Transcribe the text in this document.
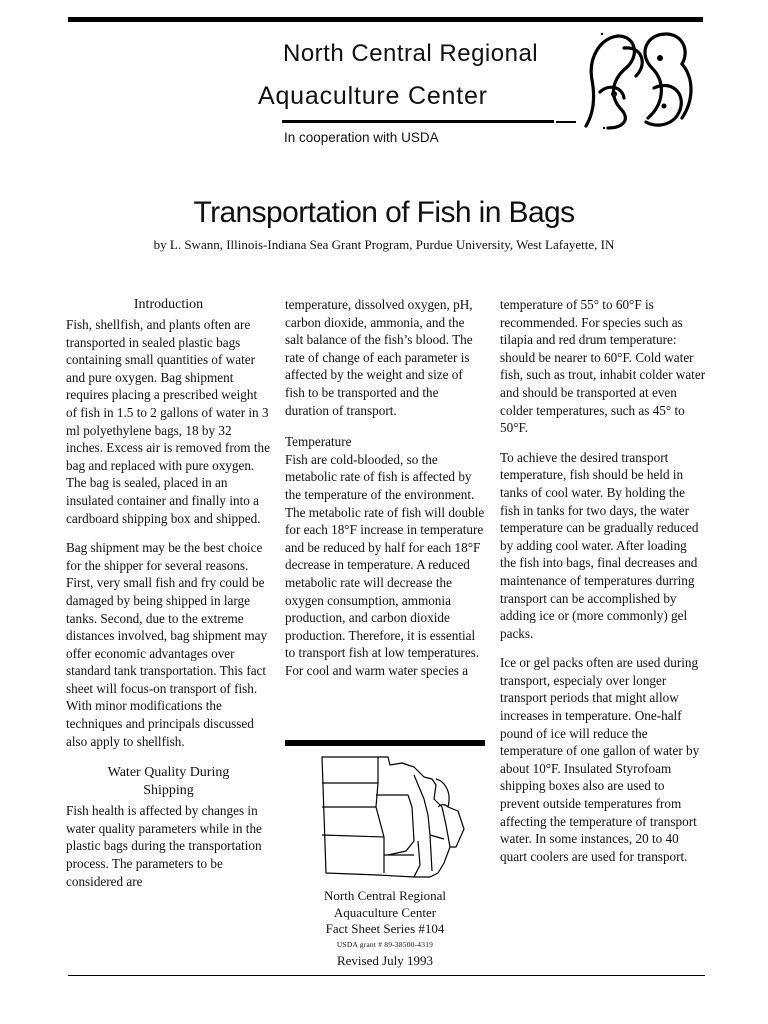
North Central Regional
Aquaculture Center
In cooperation with USDA
Transportation of Fish in Bags
by L. Swann, Illinois-Indiana Sea Grant Program, Purdue University, West Lafayette, IN
Introduction

Fish, shellfish, and plants often are transported in sealed plastic bags containing small quantities of water and pure oxygen. Bag shipment requires placing a prescribed weight of fish in 1.5 to 2 gallons of water in 3 ml polyethylene bags, 18 by 32 inches. Excess air is removed from the bag and replaced with pure oxygen. The bag is sealed, placed in an insulated container and finally into a cardboard shipping box and shipped.

Bag shipment may be the best choice for the shipper for several reasons. First, very small fish and fry could be damaged by being shipped in large tanks. Second, due to the extreme distances involved, bag shipment may offer economic advantages over standard tank transportation. This fact sheet will focus-on transport of fish. With minor modifications the techniques and principals discussed also apply to shellfish.

Water Quality During Shipping

Fish health is affected by changes in water quality parameters while in the plastic bags during the transportation process. The parameters to be considered are

temperature, dissolved oxygen, pH, carbon dioxide, ammonia, and the salt balance of the fish’s blood. The rate of change of each parameter is affected by the weight and size of fish to be transported and the duration of transport.

Temperature

Fish are cold-blooded, so the metabolic rate of fish is affected by the temperature of the environment. The metabolic rate of fish will double for each 18°F increase in temperature and be reduced by half for each 18°F decrease in temperature. A reduced metabolic rate will decrease the oxygen consumption, ammonia production, and carbon dioxide production. Therefore, it is essential to transport fish at low temperatures. For cool and warm water species a

temperature of 55° to 60°F is recommended. For species such as tilapia and red drum temperature: should be nearer to 60°F. Cold water fish, such as trout, inhabit colder water and should be transported at even colder temperatures, such as 45° to 50°F.

To achieve the desired transport temperature, fish should be held in tanks of cool water. By holding the fish in tanks for two days, the water temperature can be gradually reduced by adding cool water. After loading the fish into bags, final decreases and maintenance of temperatures durring transport can be accomplished by adding ice or (more commonly) gel packs.

Ice or gel packs often are used during transport, especialy over longer transport periods that might allow increases in temperature. One-half pound of ice will reduce the temperature of one gallon of water by about 10°F. Insulated Styrofoam shipping boxes also are used to prevent outside temperatures from affecting the temperature of transport water. In some instances, 20 to 40 quart coolers are used for transport.

North Central Regional
Aquaculture Center
Fact Sheet Series #104
USDA grant # 89-38500-4319
Revised July 1993
